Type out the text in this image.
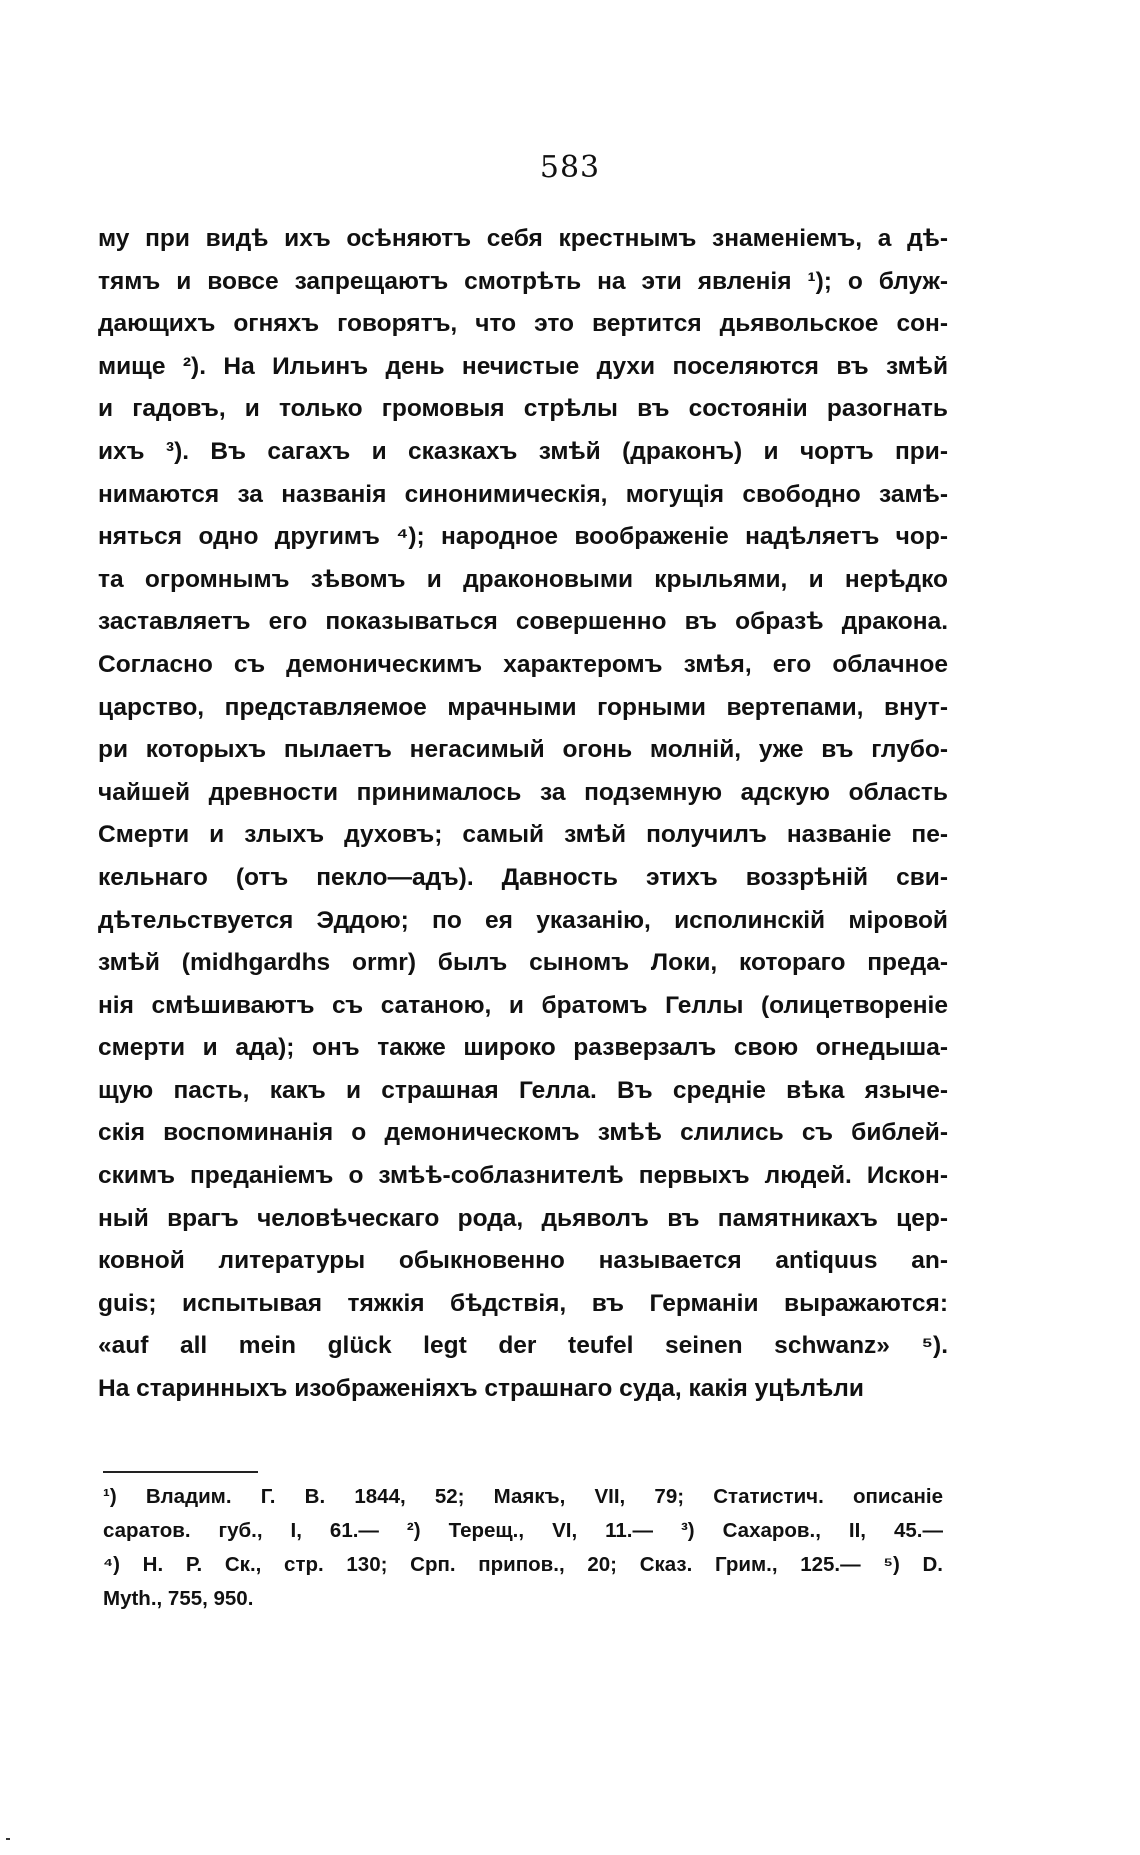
583
му при видѣ ихъ осѣняютъ себя крестнымъ знаменіемъ, а дѣ-
тямъ и вовсе запрещаютъ смотрѣть на эти явленія ¹); о блуж-
дающихъ огняхъ говорятъ, что это вертится дьявольское сон-
мище ²). На Ильинъ день нечистые духи поселяются въ змѣй
и гадовъ, и только громовыя стрѣлы въ состояніи разогнать
ихъ ³). Въ сагахъ и сказкахъ змѣй (драконъ) и чортъ при-
нимаются за названія синонимическія, могущія свободно замѣ-
няться одно другимъ ⁴); народное воображеніе надѣляетъ чор-
та огромнымъ зѣвомъ и драконовыми крыльями, и нерѣдко
заставляетъ его показываться совершенно въ образѣ дракона.
Согласно съ демоническимъ характеромъ змѣя, его облачное
царство, представляемое мрачными горными вертепами, внут-
ри которыхъ пылаетъ негасимый огонь молній, уже въ глубо-
чайшей древности принималось за подземную адскую область
Смерти и злыхъ духовъ; самый змѣй получилъ названіе пе-
кельнаго (отъ пекло—адъ). Давность этихъ воззрѣній сви-
дѣтельствуется Эддою; по ея указанію, исполинскій міровой
змѣй (midhgardhs ormr) былъ сыномъ Локи, котораго преда-
нія смѣшиваютъ съ сатаною, и братомъ Геллы (олицетвореніе
смерти и ада); онъ также широко разверзалъ свою огнедыша-
щую пасть, какъ и страшная Гелла. Въ средніе вѣка языче-
скія воспоминанія о демоническомъ змѣѣ слились съ библей-
скимъ преданіемъ о змѣѣ-соблазнителѣ первыхъ людей. Искон-
ный врагъ человѣческаго рода, дьяволъ въ памятникахъ цер-
ковной литературы обыкновенно называется antiquus an-
guis; испытывая тяжкія бѣдствія, въ Германіи выражаются:
«auf all mein glück legt der teufel seinen schwanz» ⁵).
На старинныхъ изображеніяхъ страшнаго суда, какія уцѣлѣли
¹) Владим. Г. В. 1844, 52; Маякъ, VII, 79; Статистич. описаніе
саратов. губ., I, 61.— ²) Терещ., VI, 11.— ³) Сахаров., II, 45.—
⁴) Н. Р. Ск., стр. 130; Срп. припов., 20; Сказ. Грим., 125.— ⁵) D.
Myth., 755, 950.
